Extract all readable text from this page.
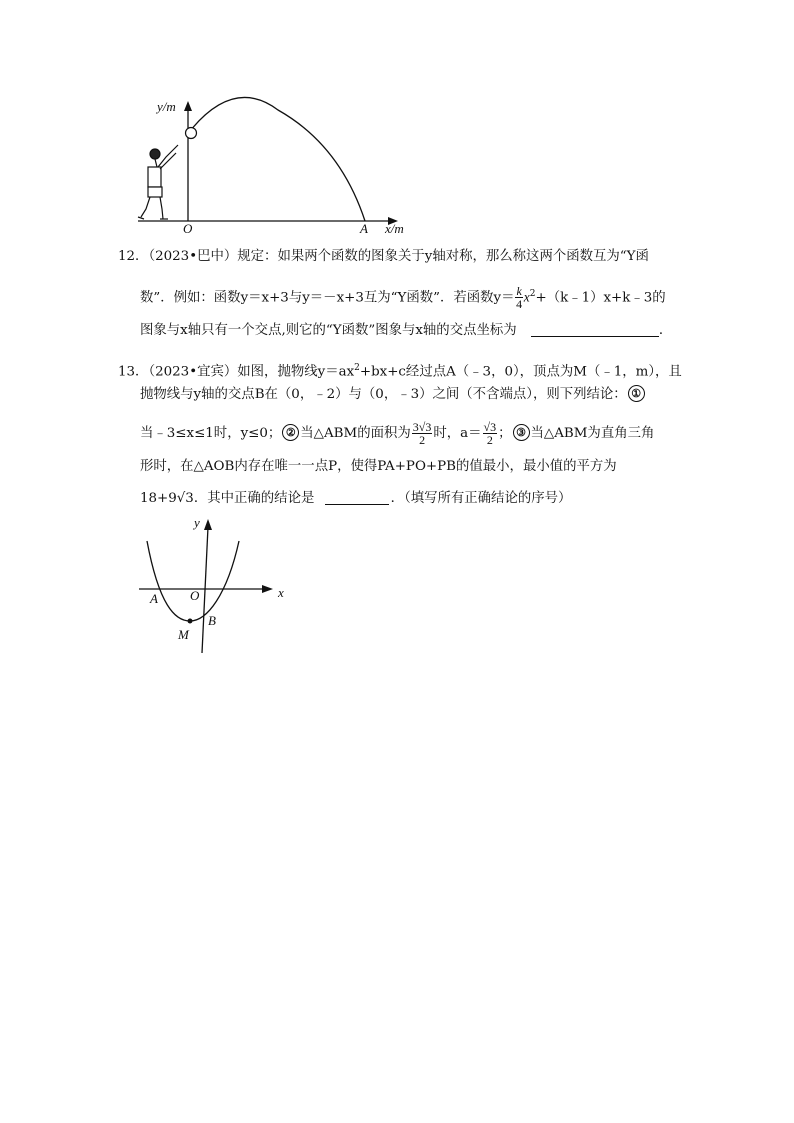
y/m
x/m
O	A
12．（2023•巴中）规定：如果两个函数的图象关于y轴对称，那么称这两个函数互为“Y函
数”．例如：函数y＝x+3与y＝－x+3互为“Y函数”．若函数$y= \frac{k}{4}$ $x^2+(k﹣1)x+k﹣3$的
图象与x轴只有一个交点,则它的“Y函数”图象与x轴的交点坐标为	．
13．（2023•宜宾）如图，抛物线$y=ax^2+bx+c$经过点A（﹣3，0），顶点为M（﹣1，m），且
抛物线与y轴的交点B在（0，﹣2）与（0，﹣3）之间（不含端点），则下列结论： ①
当﹣3≤x≤1时，y≤0； ② 当△ABM的面积为 $\frac{3√3}{2}$ 时，$a= \frac{√3}{2}$ ； ③ 当△ABM为直角三角
形时，在△AOB内存在唯一一点P，使得PA+PO+PB的值最小，最小值的平方为
18+9√3．其中正确的结论是	．（填写所有正确结论的序号）
y
x
A O
B
M
